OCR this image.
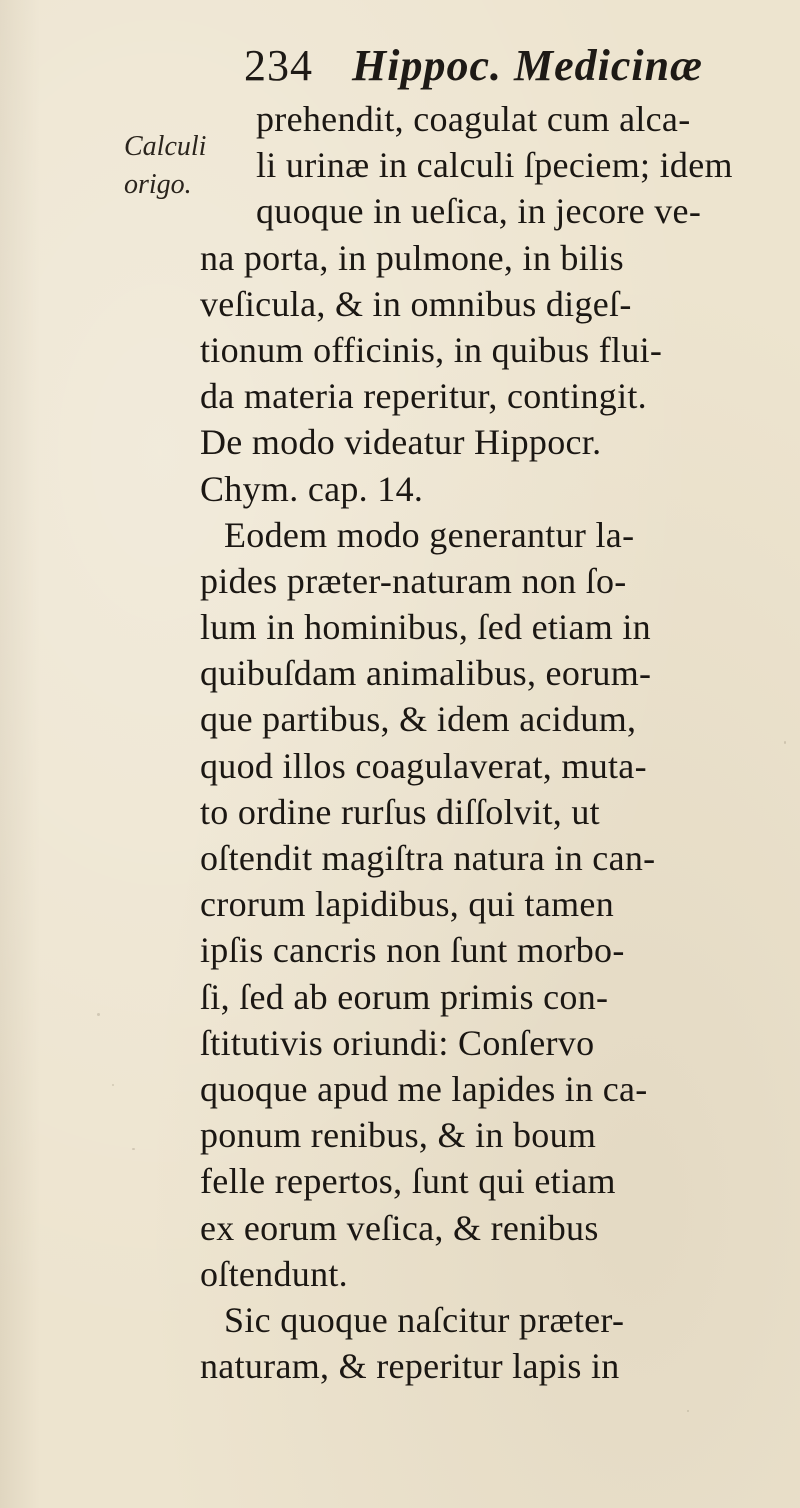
234 Hippoc. Medicinæ
Calculi
origo.
prehendit, coagulat cum alca-
li urinæ in calculi ſpeciem; idem
quoque in ueſica, in jecore ve-
na porta, in pulmone, in bilis
veſicula, & in omnibus digeſ-
tionum officinis, in quibus flui-
da materia reperitur, contingit.
De modo videatur Hippocr.
Chym. cap. 14.
Eodem modo generantur la-
pides præter-naturam non ſo-
lum in hominibus, ſed etiam in
quibuſdam animalibus, eorum-
que partibus, & idem acidum,
quod illos coagulaverat, muta-
to ordine rurſus diſſolvit, ut
oſtendit magiſtra natura in can-
crorum lapidibus, qui tamen
ipſis cancris non ſunt morbo-
ſi, ſed ab eorum primis con-
ſtitutivis oriundi: Conſervo
quoque apud me lapides in ca-
ponum renibus, & in boum
felle repertos, ſunt qui etiam
ex eorum veſica, & renibus
oſtendunt.
Sic quoque naſcitur præter-
naturam, & reperitur lapis in
